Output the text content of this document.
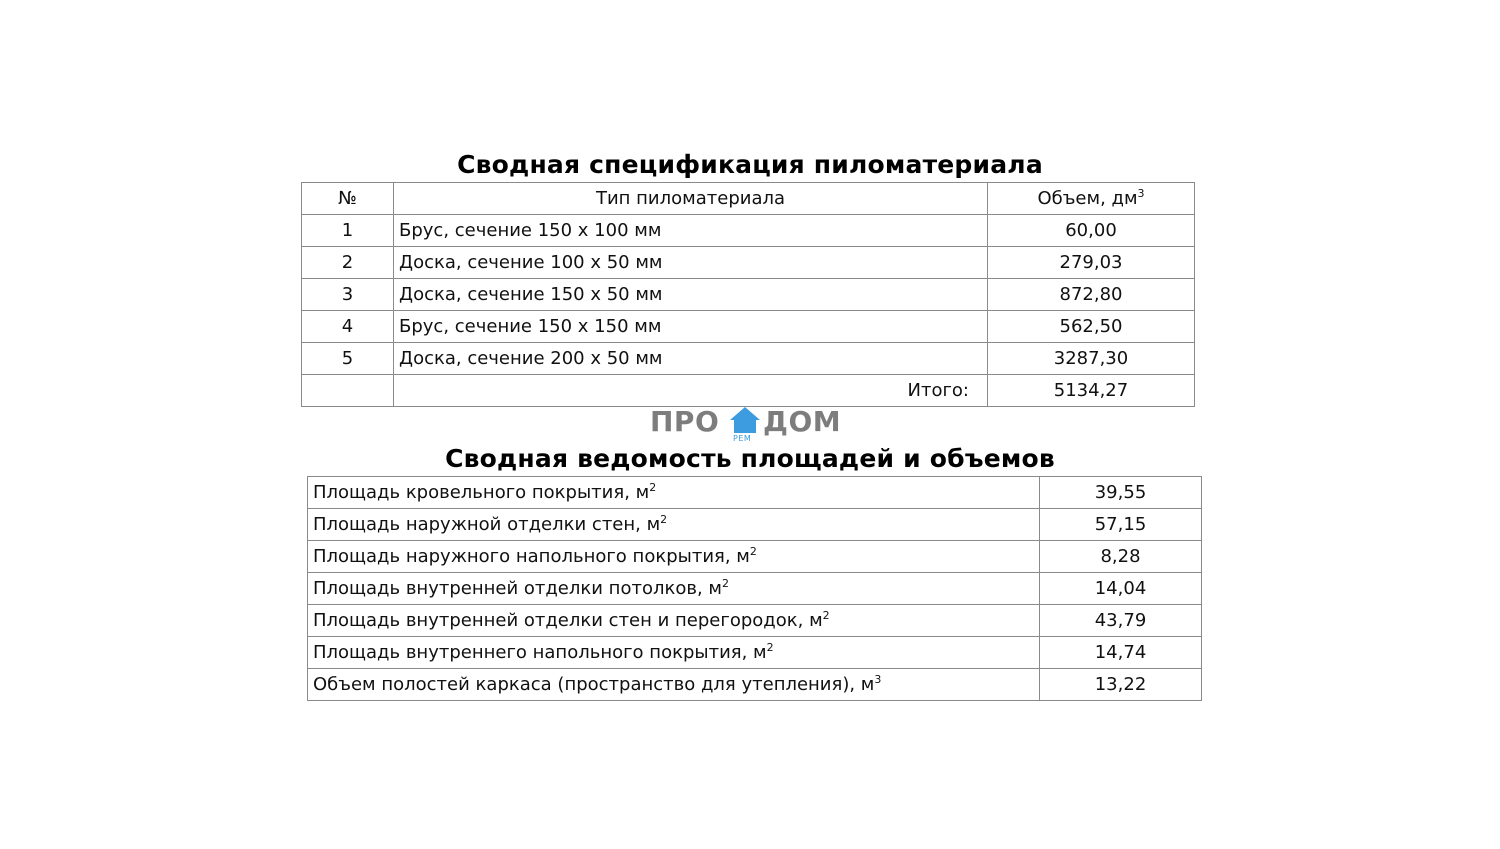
Сводная спецификация пиломатериала
№	Тип пиломатериала	Объем, $дм^3$
1	Брус, сечение 150 х 100 мм	60,00
2	Доска, сечение 100 х 50 мм	279,03
3	Доска, сечение 150 х 50 мм	872,80
4	Брус, сечение 150 х 150 мм	562,50
5	Доска, сечение 200 х 50 мм	3287,30
	Итого:	5134,27
ПРО
РЕМ
ДОМ
Сводная ведомость площадей и объемов
Площадь кровельного покрытия, $м^2$	39,55
Площадь наружной отделки стен, $м^2$	57,15
Площадь наружного напольного покрытия, $м^2$	8,28
Площадь внутренней отделки потолков, $м^2$	14,04
Площадь внутренней отделки стен и перегородок, $м^2$	43,79
Площадь внутреннего напольного покрытия, $м^2$	14,74
Объем полостей каркаса (пространство для утепления), $м^3$	13,22
